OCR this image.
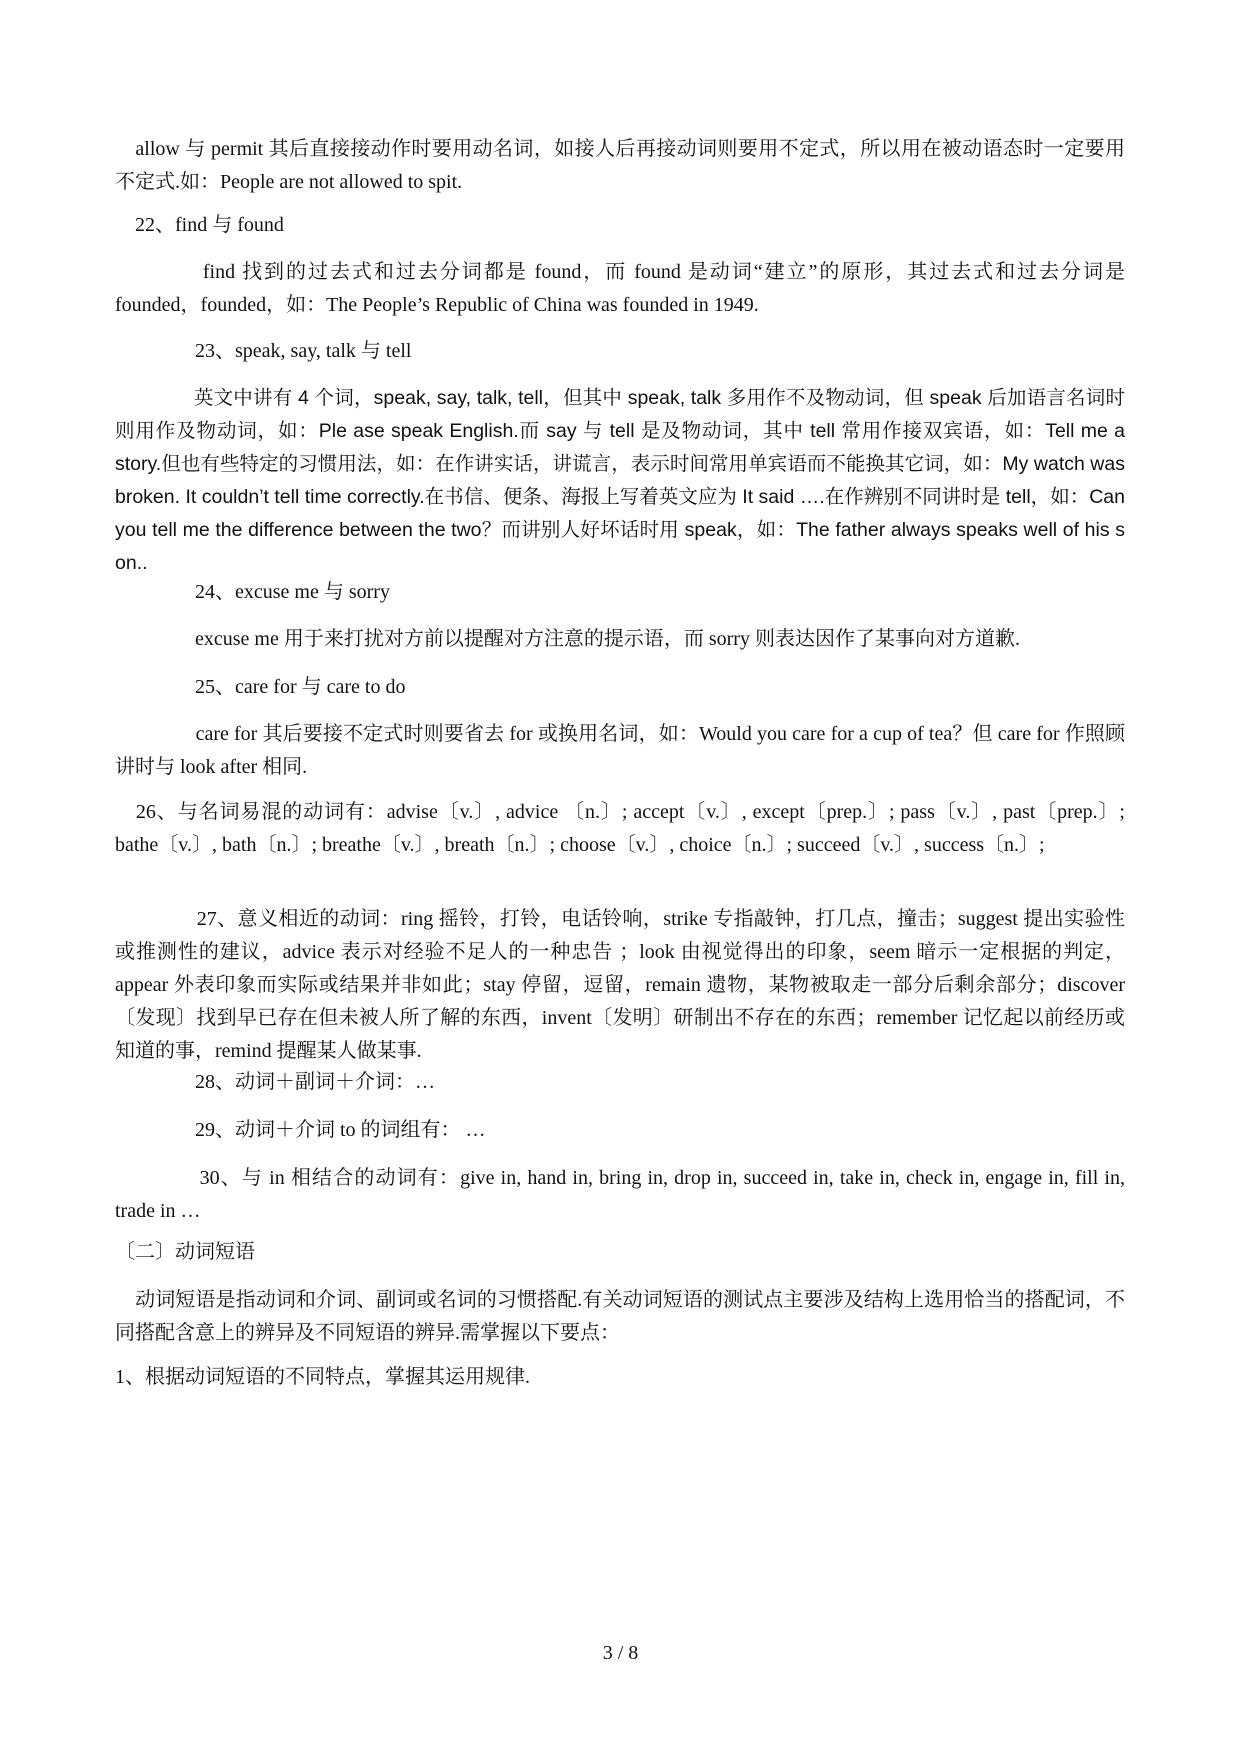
　allow 与 permit 其后直接接动作时要用动名词，如接人后再接动词则要用不定式，所以用在被动语态时一定要用不定式.如：People are not allowed to spit.

　22、find 与 found

　　　　find 找到的过去式和过去分词都是 found，而 found 是动词“建立”的原形，其过去式和过去分词是 founded，founded，如：The People’s Republic of China was founded in 1949.

　　　　23、speak, say, talk 与 tell

　　　　英文中讲有 4 个词，speak, say, talk, tell，但其中 speak, talk 多用作不及物动词，但 speak 后加语言名词时则用作及物动词，如：Ple ase speak English.而 say 与 tell 是及物动词，其中 tell 常用作接双宾语，如：Tell me a story.但也有些特定的习惯用法，如：在作讲实话，讲谎言，表示时间常用单宾语而不能换其它词，如：My watch was broken. It couldn’t tell time correctly.在书信、便条、海报上写着英文应为 It said ….在作辨别不同讲时是 tell，如：Can you tell me the difference between the two？而讲别人好坏话时用 speak，如：The father always speaks well of his s on..

　　　　24、excuse me 与 sorry

　　　　excuse me 用于来打扰对方前以提醒对方注意的提示语，而 sorry 则表达因作了某事向对方道歉.

　　　　25、care for 与 care to do

　　　　care for 其后要接不定式时则要省去 for 或换用名词，如：Would you care for a cup of tea？但 care for 作照顾讲时与 look after 相同.

　26、与名词易混的动词有：advise〔v.〕, advice 〔n.〕; accept〔v.〕, except〔prep.〕; pass〔v.〕, past〔prep.〕; bathe〔v.〕, bath〔n.〕; breathe〔v.〕, breath〔n.〕; choose〔v.〕, choice〔n.〕; succeed〔v.〕, success〔n.〕;

　　　　27、意义相近的动词：ring 摇铃，打铃，电话铃响，strike 专指敲钟，打几点，撞击；suggest 提出实验性或推测性的建议，advice 表示对经验不足人的一种忠告 ；look 由视觉得出的印象，seem 暗示一定根据的判定，appear 外表印象而实际或结果并非如此；stay 停留，逗留，remain 遗物，某物被取走一部分后剩余部分；discover〔发现〕找到早已存在但未被人所了解的东西，invent〔发明〕研制出不存在的东西；remember 记忆起以前经历或知道的事，remind 提醒某人做某事.

　　　　28、动词＋副词＋介词：…

　　　　29、动词＋介词 to 的词组有： …

　　　　30、与 in 相结合的动词有：give in, hand in, bring in, drop in, succeed in, take in, check in, engage in, fill in, trade in …

〔二〕动词短语

　动词短语是指动词和介词、副词或名词的习惯搭配.有关动词短语的测试点主要涉及结构上选用恰当的搭配词，不同搭配含意上的辨异及不同短语的辨异.需掌握以下要点：

1、根据动词短语的不同特点，掌握其运用规律.

3 / 8
